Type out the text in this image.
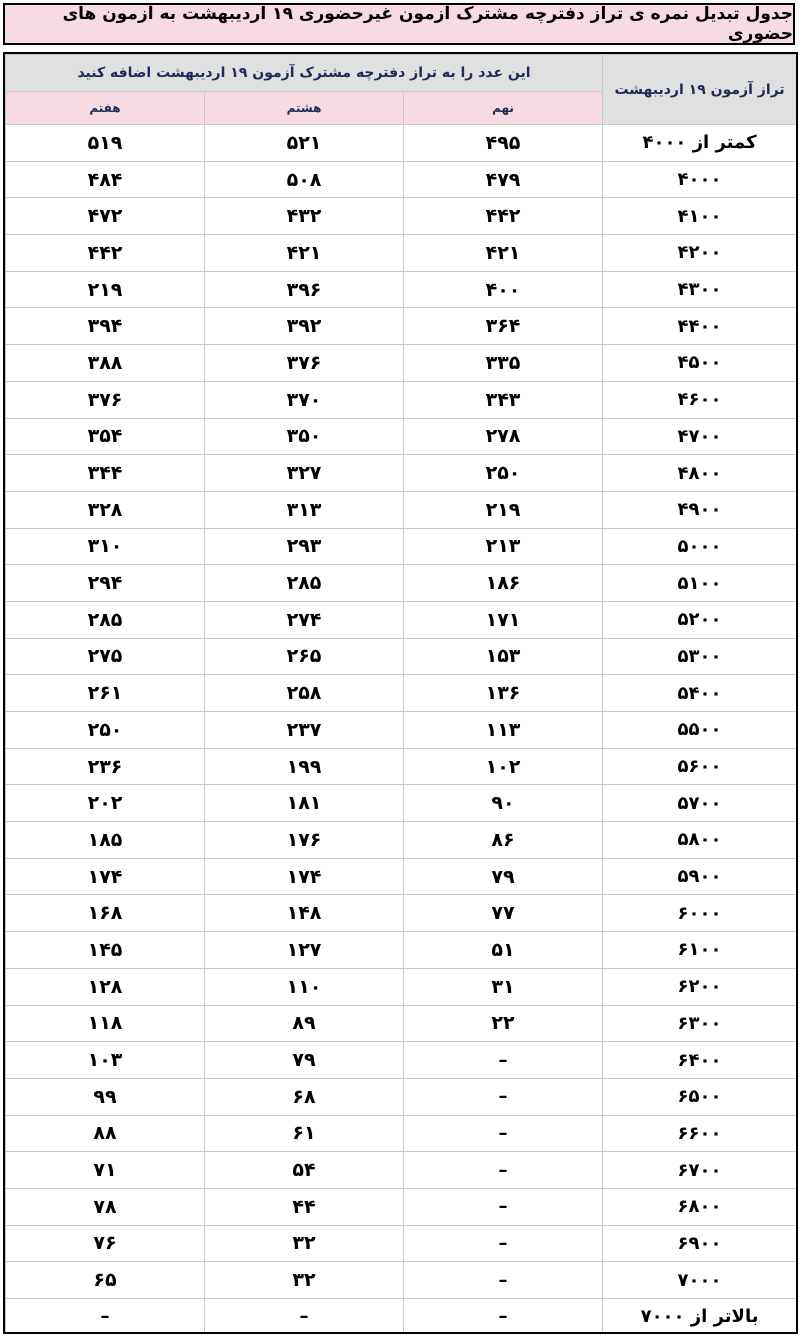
جدول تبدیل نمره ی تراز دفترچه مشترک آزمون غیرحضوری ۱۹ اردیبهشت به آزمون های حضوری
این عدد را به تراز دفترچه مشترک آزمون ۱۹ اردیبهشت اضافه کنید			تراز آزمون ۱۹ اردیبهشت
هفتم	هشتم	نهم	
۵۱۹	۵۲۱	۴۹۵	کمتر از ۴۰۰۰
۴۸۴	۵۰۸	۴۷۹	۴۰۰۰
۴۷۲	۴۳۲	۴۴۲	۴۱۰۰
۴۴۲	۴۲۱	۴۲۱	۴۲۰۰
۲۱۹	۳۹۶	۴۰۰	۴۳۰۰
۳۹۴	۳۹۲	۳۶۴	۴۴۰۰
۳۸۸	۳۷۶	۳۳۵	۴۵۰۰
۳۷۶	۳۷۰	۳۴۳	۴۶۰۰
۳۵۴	۳۵۰	۲۷۸	۴۷۰۰
۳۴۴	۳۲۷	۲۵۰	۴۸۰۰
۳۲۸	۳۱۳	۲۱۹	۴۹۰۰
۳۱۰	۲۹۳	۲۱۳	۵۰۰۰
۲۹۴	۲۸۵	۱۸۶	۵۱۰۰
۲۸۵	۲۷۴	۱۷۱	۵۲۰۰
۲۷۵	۲۶۵	۱۵۳	۵۳۰۰
۲۶۱	۲۵۸	۱۳۶	۵۴۰۰
۲۵۰	۲۳۷	۱۱۳	۵۵۰۰
۲۳۶	۱۹۹	۱۰۲	۵۶۰۰
۲۰۲	۱۸۱	۹۰	۵۷۰۰
۱۸۵	۱۷۶	۸۶	۵۸۰۰
۱۷۴	۱۷۴	۷۹	۵۹۰۰
۱۶۸	۱۴۸	۷۷	۶۰۰۰
۱۴۵	۱۲۷	۵۱	۶۱۰۰
۱۲۸	۱۱۰	۳۱	۶۲۰۰
۱۱۸	۸۹	۲۲	۶۳۰۰
۱۰۳	۷۹	–	۶۴۰۰
۹۹	۶۸	–	۶۵۰۰
۸۸	۶۱	–	۶۶۰۰
۷۱	۵۴	–	۶۷۰۰
۷۸	۴۴	–	۶۸۰۰
۷۶	۳۲	–	۶۹۰۰
۶۵	۳۲	–	۷۰۰۰
–	–	–	بالاتر از ۷۰۰۰
